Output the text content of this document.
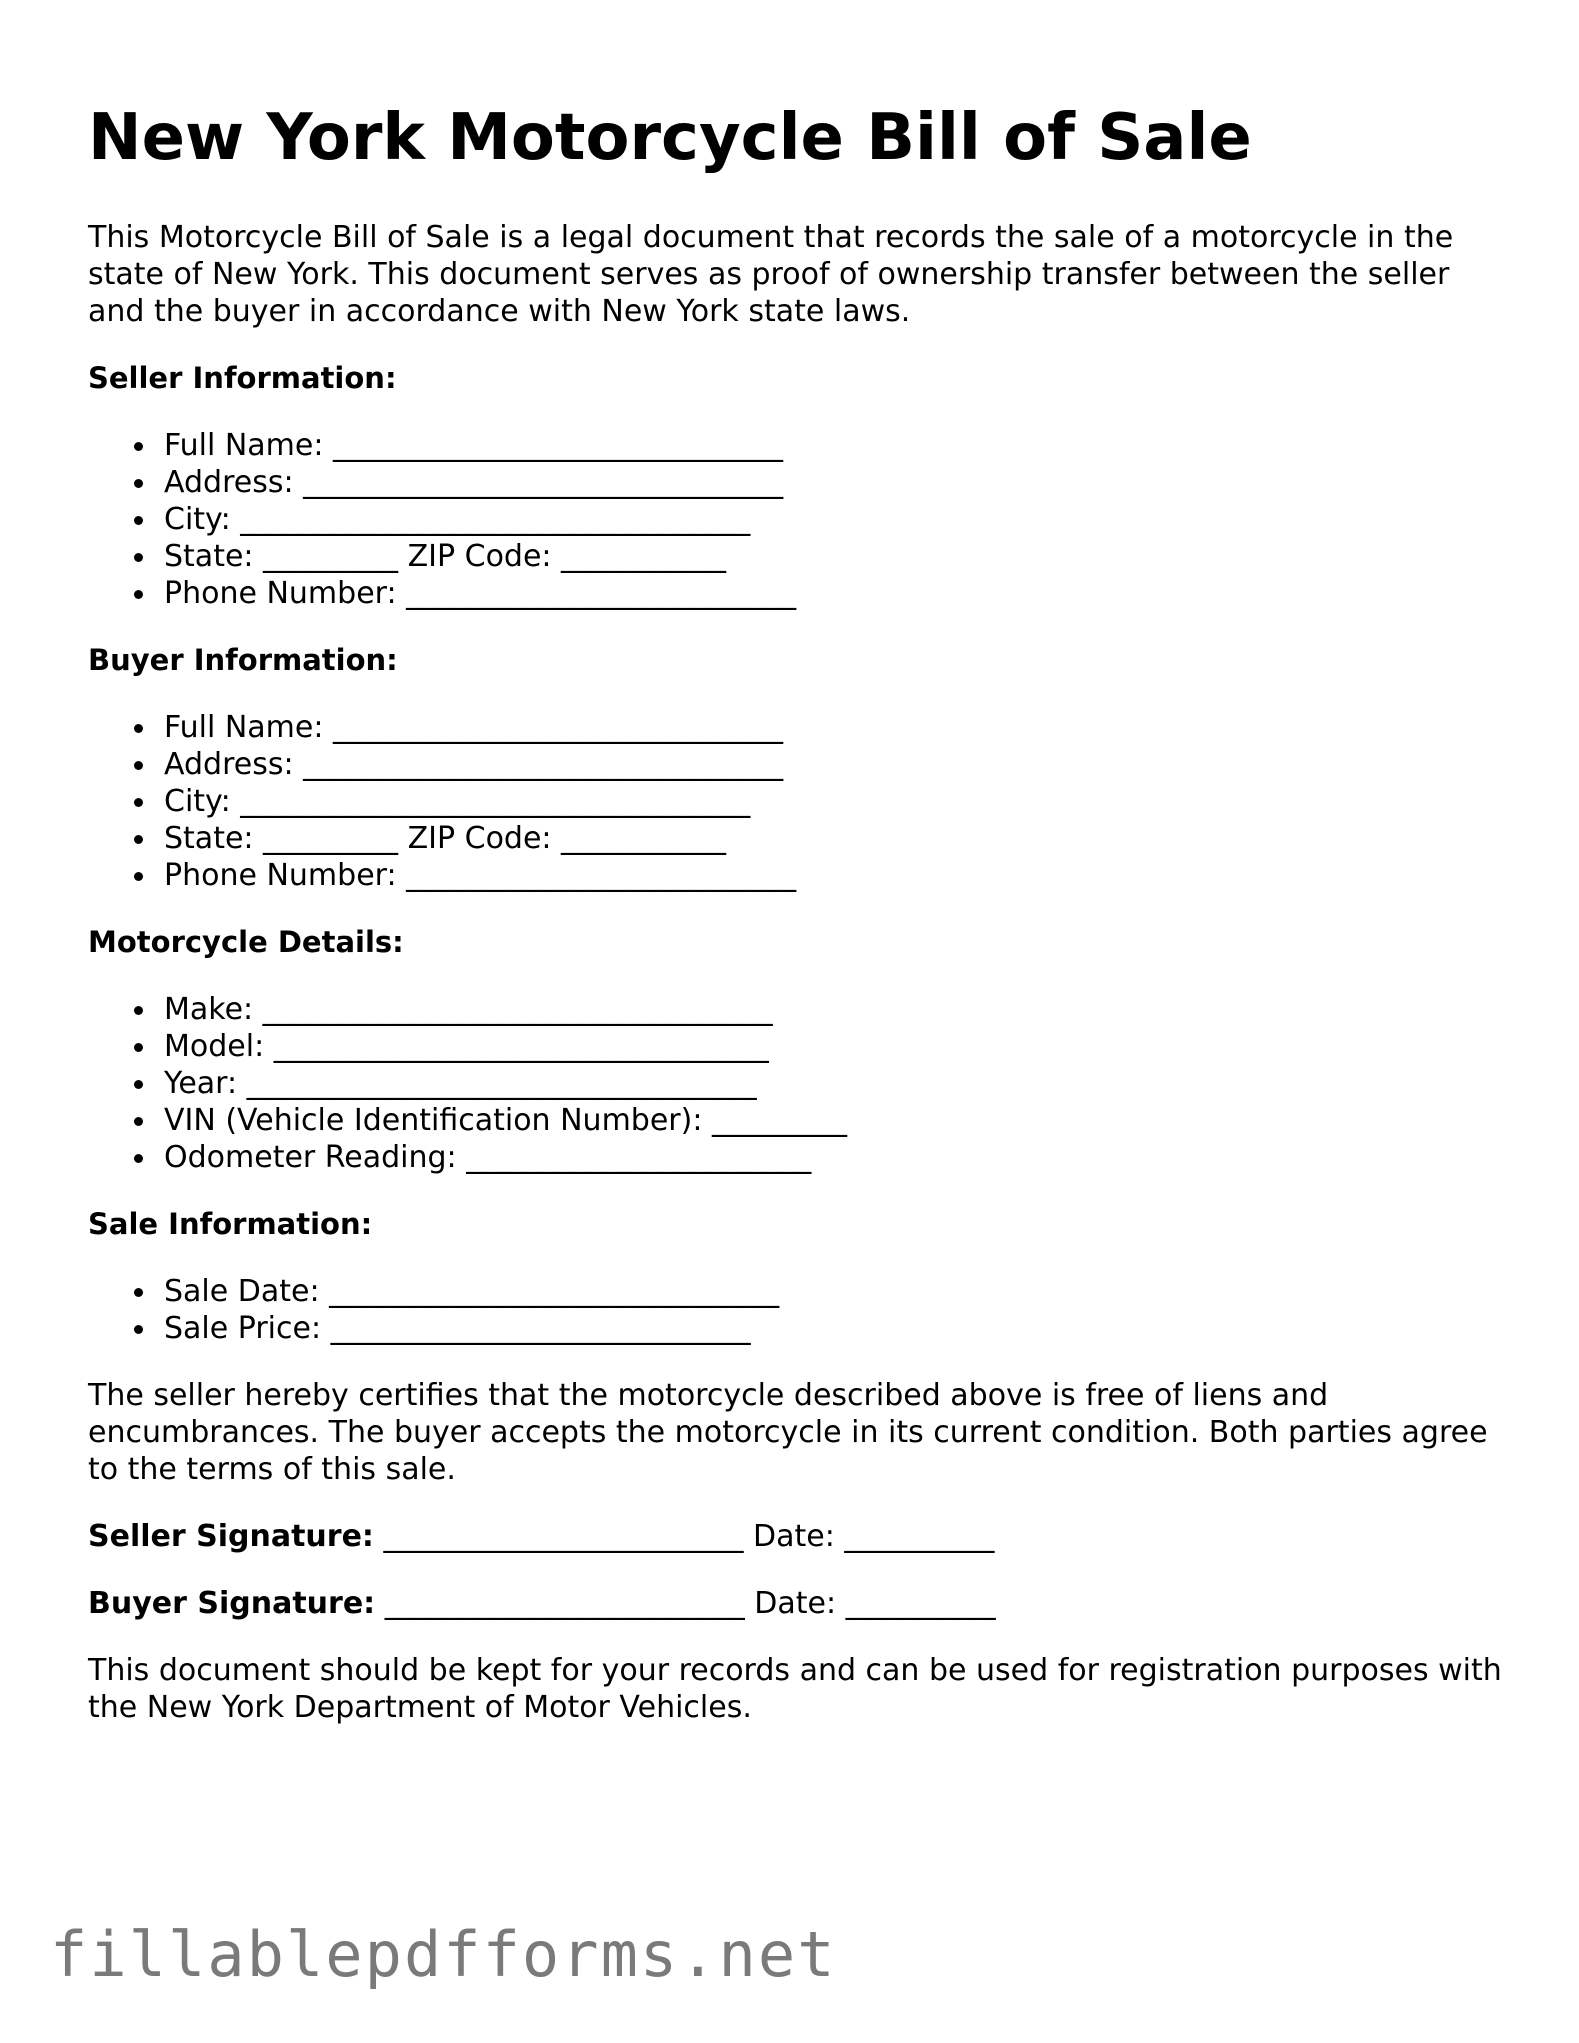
New York Motorcycle Bill of Sale

This Motorcycle Bill of Sale is a legal document that records the sale of a motorcycle in the state of New York. This document serves as proof of ownership transfer between the seller and the buyer in accordance with New York state laws.

Seller Information:
Full Name: ______________________________
Address: ________________________________
City: __________________________________
State: _________ ZIP Code: ___________
Phone Number: __________________________
Buyer Information:
Full Name: ______________________________
Address: ________________________________
City: __________________________________
State: _________ ZIP Code: ___________
Phone Number: __________________________
Motorcycle Details:
Make: __________________________________
Model: _________________________________
Year: __________________________________
VIN (Vehicle Identification Number): _________
Odometer Reading: _______________________
Sale Information:
Sale Date: ______________________________
Sale Price: ____________________________

The seller hereby certifies that the motorcycle described above is free of liens and encumbrances. The buyer accepts the motorcycle in its current condition. Both parties agree to the terms of this sale.

Seller Signature: ________________________ Date: __________
Buyer Signature: ________________________ Date: __________

This document should be kept for your records and can be used for registration purposes with the New York Department of Motor Vehicles.

fillablepdfforms.net
